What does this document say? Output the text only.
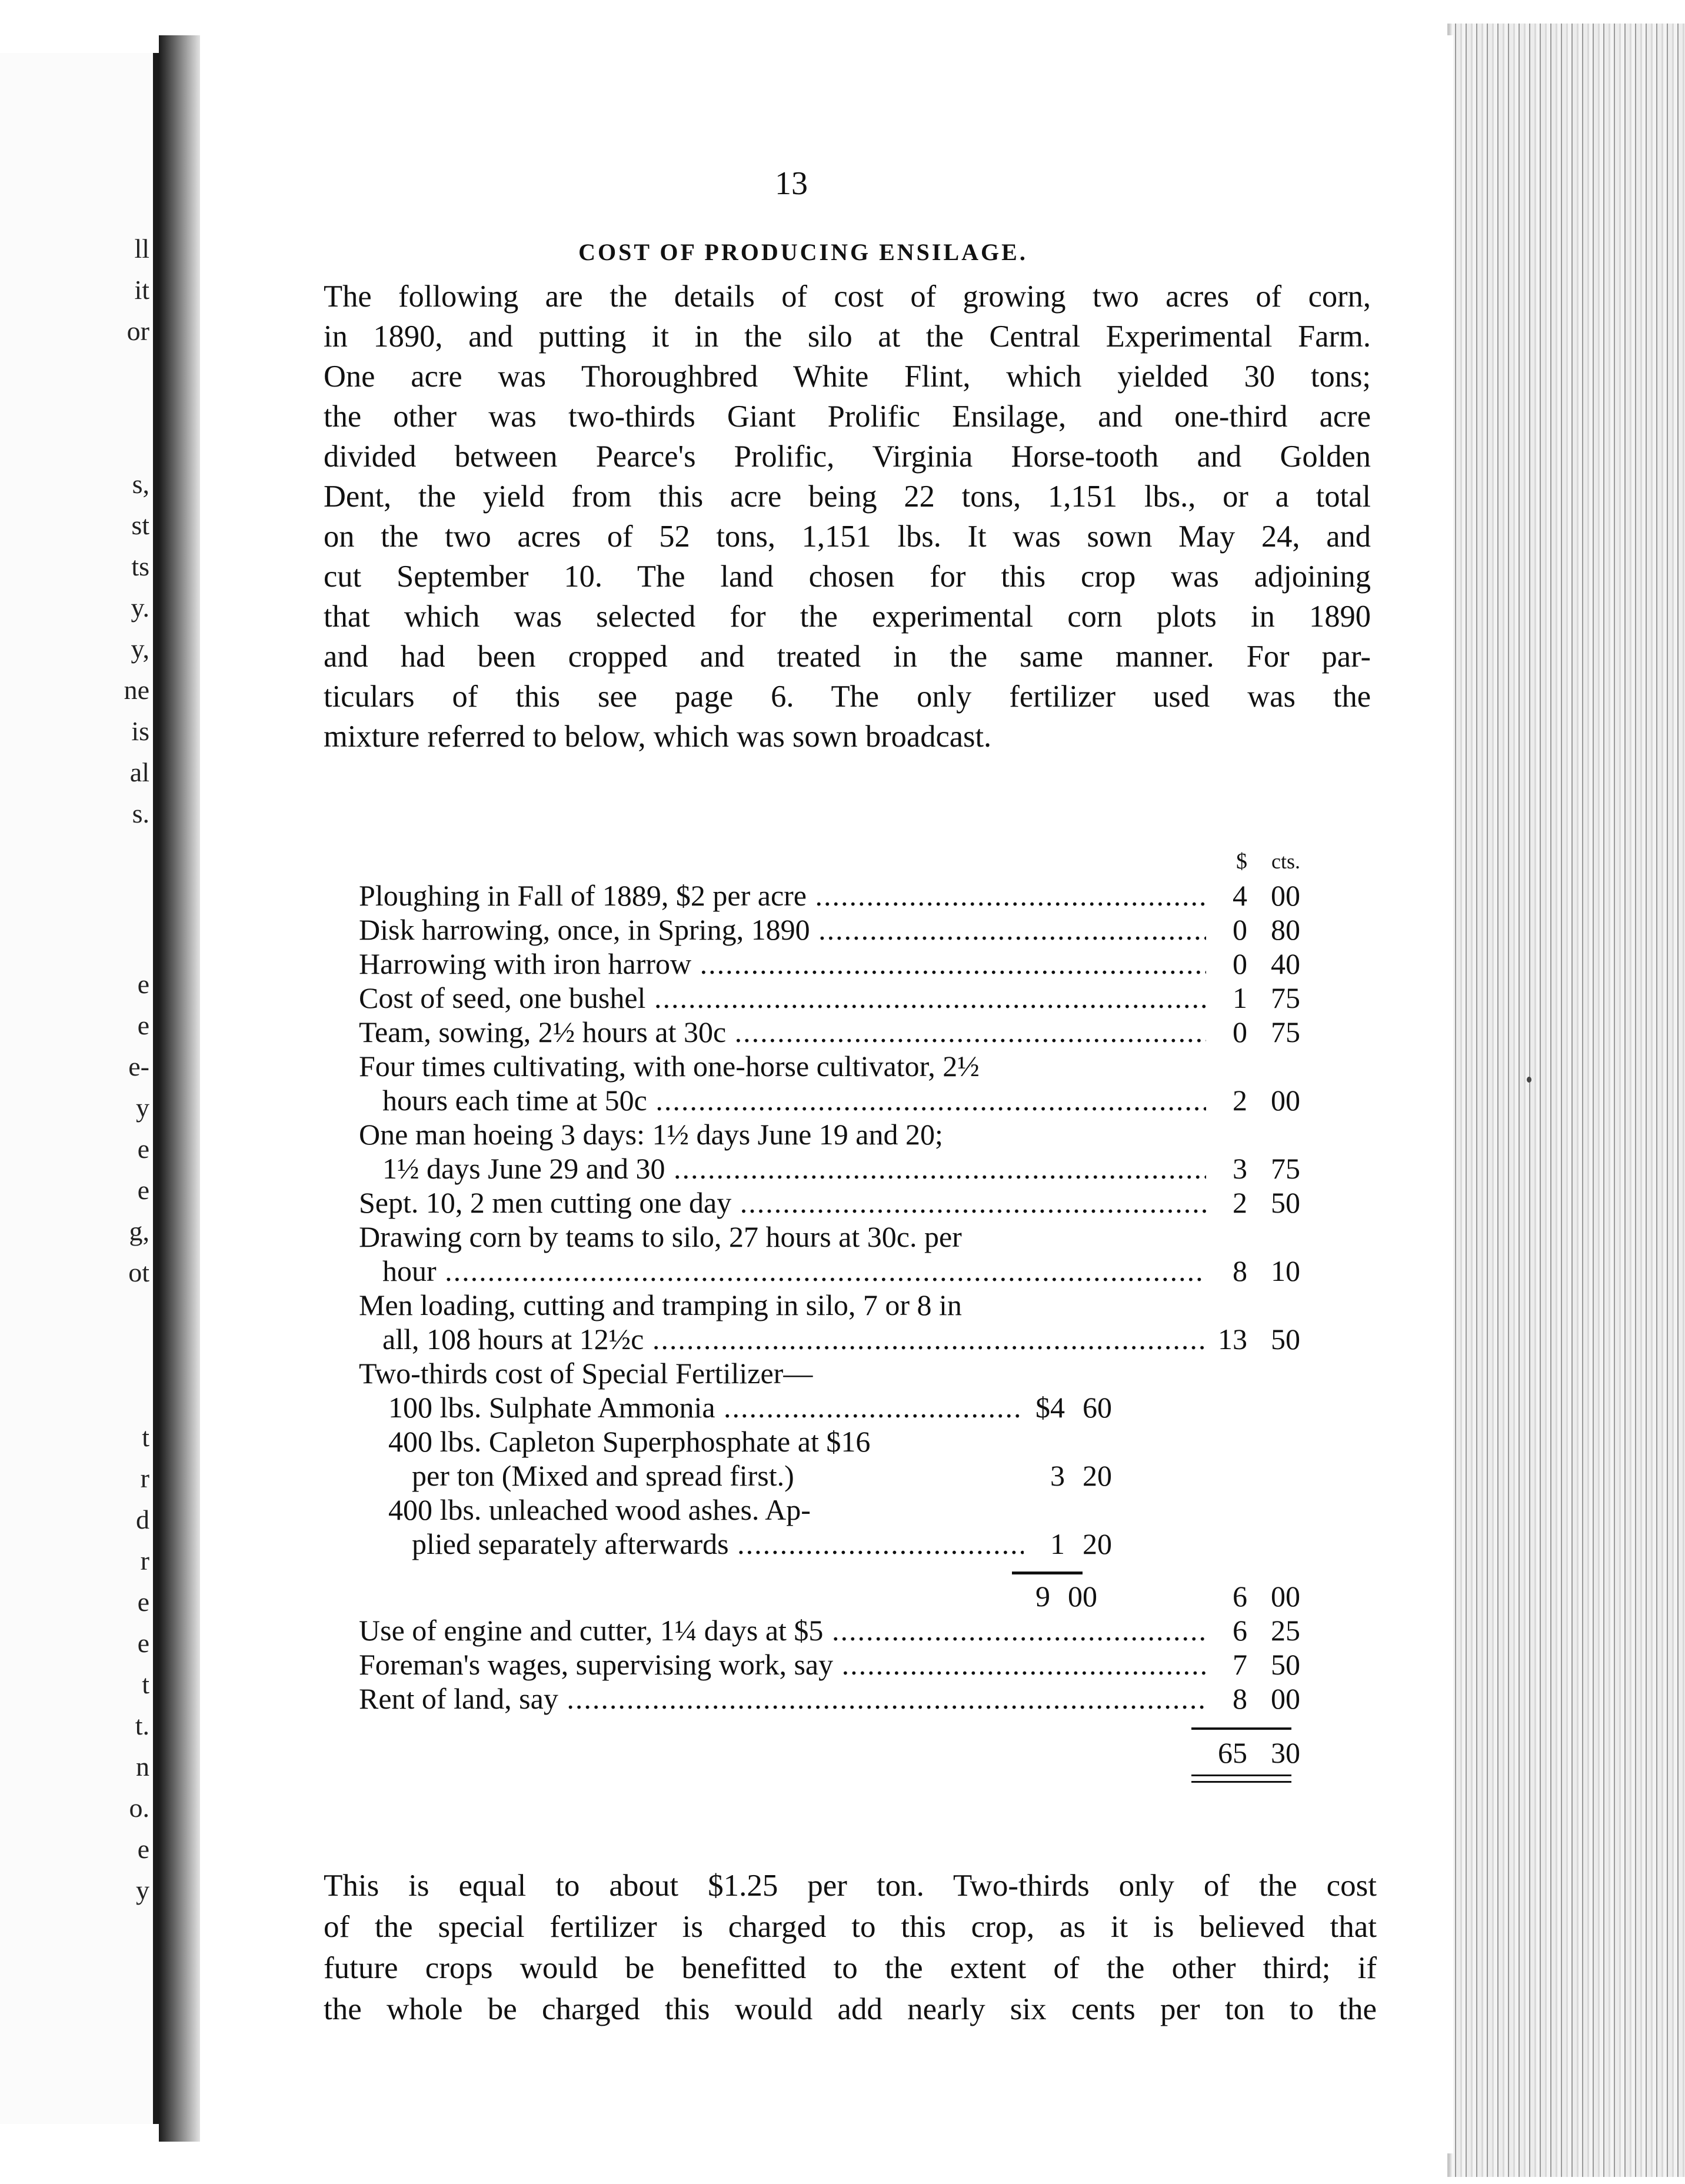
ll
it
or
s,
st
ts
y.
y,
ne
is
al
s.
e
e
e-
y
e
e
g,
ot
t
r
d
r
e
e
t
t.
n
o.
e
y
13
COST OF PRODUCING ENSILAGE.

The following are the details of cost of growing two acres of corn,
in 1890, and putting it in the silo at the Central Experimental Farm.
One acre was Thoroughbred White Flint, which yielded 30 tons;
the other was two-thirds Giant Prolific Ensilage, and one-third acre
divided between Pearce's Prolific, Virginia Horse-tooth and Golden
Dent, the yield from this acre being 22 tons, 1,151 lbs., or a total
on the two acres of 52 tons, 1,151 lbs. It was sown May 24, and
cut September 10. The land chosen for this crop was adjoining
that which was selected for the experimental corn plots in 1890
and had been cropped and treated in the same manner. For par-
ticulars of this see page 6. The only fertilizer used was the
mixture referred to below, which was sown broadcast.

$	cts.
Ploughing in Fall of 1889, $2 per acre .....	4 00
Disk harrowing, once, in Spring, 1890 .....	0 80
Harrowing with iron harrow .....	0 40
Cost of seed, one bushel .....	1 75
Team, sowing, 2½ hours at 30c .....	0 75
Four times cultivating, with one-horse cultivator, 2½
hours each time at 50c .....	2 00
One man hoeing 3 days: 1½ days June 19 and 20;
1½ days June 29 and 30 .....	3 75
Sept. 10, 2 men cutting one day .....	2 50
Drawing corn by teams to silo, 27 hours at 30c. per
hour .....	8 10
Men loading, cutting and tramping in silo, 7 or 8 in
all, 108 hours at 12½c .....	13 50
Two-thirds cost of Special Fertilizer—
100 lbs. Sulphate Ammonia .....	$4 60
400 lbs. Capleton Superphosphate at $16
per ton (Mixed and spread first.)	3 20
400 lbs. unleached wood ashes. Ap-
plied separately afterwards .....	1 20
9 00	6 00
Use of engine and cutter, 1¼ days at $5 .....	6 25
Foreman's wages, supervising work, say .....	7 50
Rent of land, say .....	8 00
65 30

This is equal to about $1.25 per ton. Two-thirds only of the cost
of the special fertilizer is charged to this crop, as it is believed that
future crops would be benefitted to the extent of the other third; if
the whole be charged this would add nearly six cents per ton to the
